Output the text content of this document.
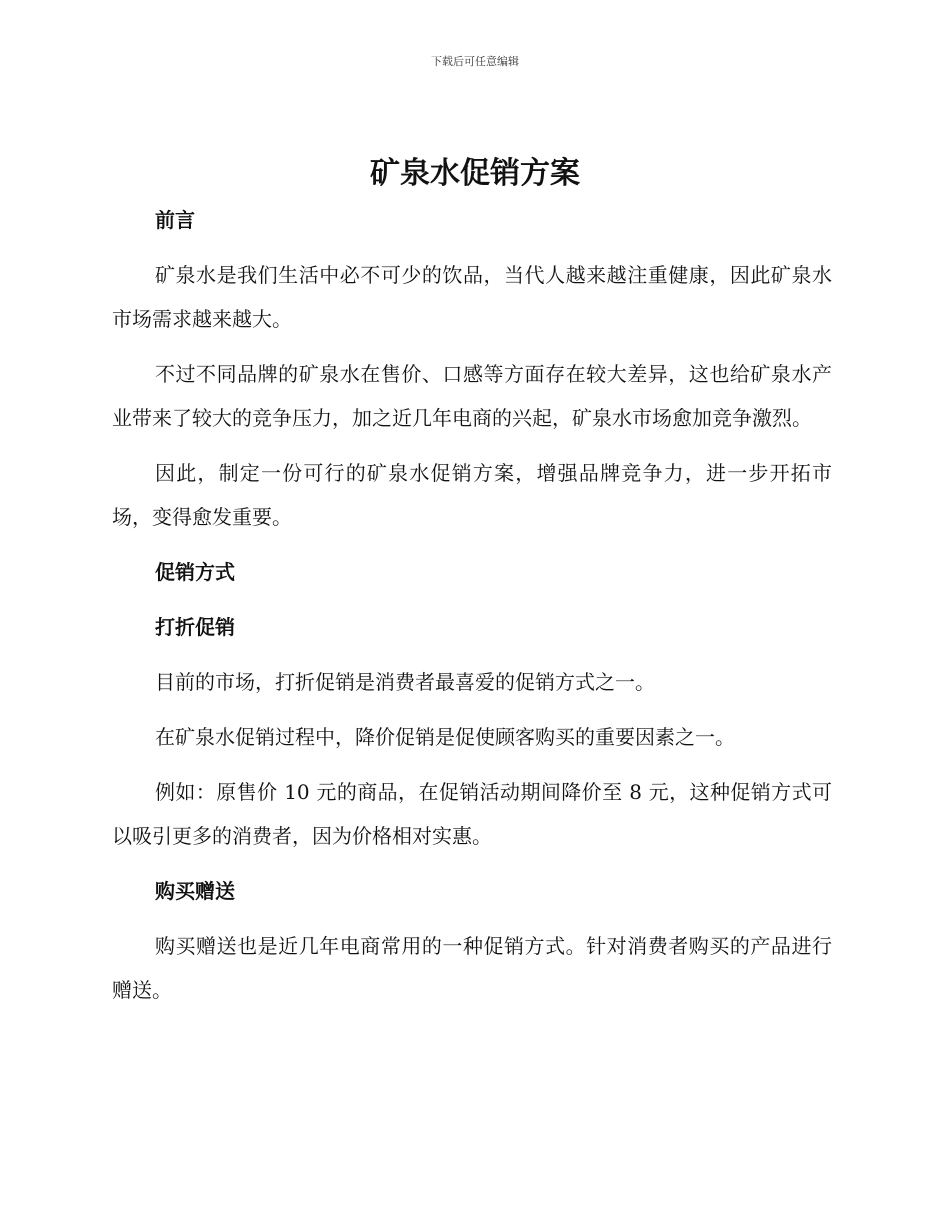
下载后可任意编辑
矿泉水促销方案

前言

矿泉水是我们生活中必不可少的饮品，当代人越来越注重健康，因此矿泉水市场需求越来越大。

不过不同品牌的矿泉水在售价、口感等方面存在较大差异，这也给矿泉水产业带来了较大的竞争压力，加之近几年电商的兴起，矿泉水市场愈加竞争激烈。

因此，制定一份可行的矿泉水促销方案，增强品牌竞争力，进一步开拓市场，变得愈发重要。

促销方式

打折促销

目前的市场，打折促销是消费者最喜爱的促销方式之一。

在矿泉水促销过程中，降价促销是促使顾客购买的重要因素之一。

例如：原售价 10 元的商品，在促销活动期间降价至 8 元，这种促销方式可以吸引更多的消费者，因为价格相对实惠。

购买赠送

购买赠送也是近几年电商常用的一种促销方式。针对消费者购买的产品进行赠送。
